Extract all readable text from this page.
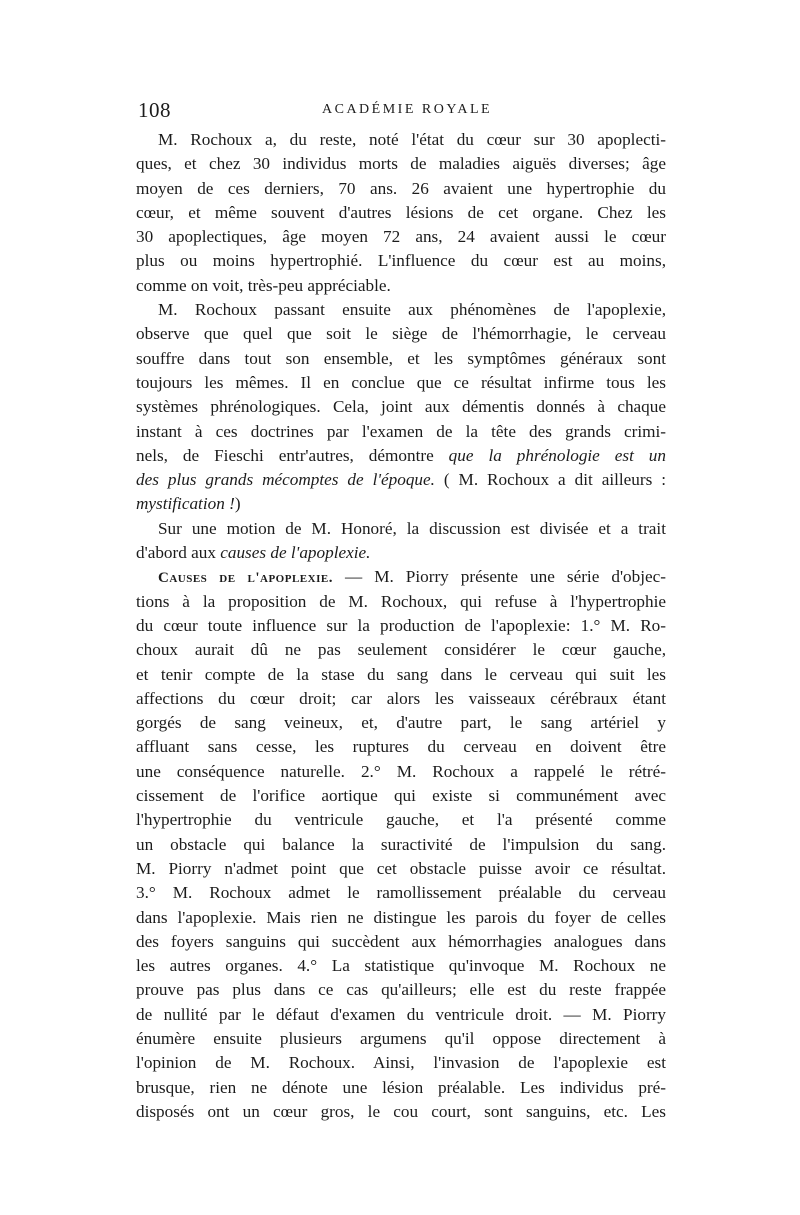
108	ACADÉMIE ROYALE
M. Rochoux a, du reste, noté l'état du cœur sur 30 apoplecti-
ques, et chez 30 individus morts de maladies aiguës diverses; âge
moyen de ces derniers, 70 ans. 26 avaient une hypertrophie du
cœur, et même souvent d'autres lésions de cet organe. Chez les
30 apoplectiques, âge moyen 72 ans, 24 avaient aussi le cœur
plus ou moins hypertrophié. L'influence du cœur est au moins,
comme on voit, très-peu appréciable.
M. Rochoux passant ensuite aux phénomènes de l'apoplexie,
observe que quel que soit le siège de l'hémorrhagie, le cerveau
souffre dans tout son ensemble, et les symptômes généraux sont
toujours les mêmes. Il en conclue que ce résultat infirme tous les
systèmes phrénologiques. Cela, joint aux démentis donnés à chaque
instant à ces doctrines par l'examen de la tête des grands crimi-
nels, de Fieschi entr'autres, démontre que la phrénologie est un
des plus grands mécomptes de l'époque. ( M. Rochoux a dit ailleurs :
mystification !)
Sur une motion de M. Honoré, la discussion est divisée et a trait
d'abord aux causes de l'apoplexie.
Causes de l'apoplexie. — M. Piorry présente une série d'objec-
tions à la proposition de M. Rochoux, qui refuse à l'hypertrophie
du cœur toute influence sur la production de l'apoplexie: 1.° M. Ro-
choux aurait dû ne pas seulement considérer le cœur gauche,
et tenir compte de la stase du sang dans le cerveau qui suit les
affections du cœur droit; car alors les vaisseaux cérébraux étant
gorgés de sang veineux, et, d'autre part, le sang artériel y
affluant sans cesse, les ruptures du cerveau en doivent être
une conséquence naturelle. 2.° M. Rochoux a rappelé le rétré-
cissement de l'orifice aortique qui existe si communément avec
l'hypertrophie du ventricule gauche, et l'a présenté comme
un obstacle qui balance la suractivité de l'impulsion du sang.
M. Piorry n'admet point que cet obstacle puisse avoir ce résultat.
3.° M. Rochoux admet le ramollissement préalable du cerveau
dans l'apoplexie. Mais rien ne distingue les parois du foyer de celles
des foyers sanguins qui succèdent aux hémorrhagies analogues dans
les autres organes. 4.° La statistique qu'invoque M. Rochoux ne
prouve pas plus dans ce cas qu'ailleurs; elle est du reste frappée
de nullité par le défaut d'examen du ventricule droit. — M. Piorry
énumère ensuite plusieurs argumens qu'il oppose directement à
l'opinion de M. Rochoux. Ainsi, l'invasion de l'apoplexie est
brusque, rien ne dénote une lésion préalable. Les individus pré-
disposés ont un cœur gros, le cou court, sont sanguins, etc. Les
